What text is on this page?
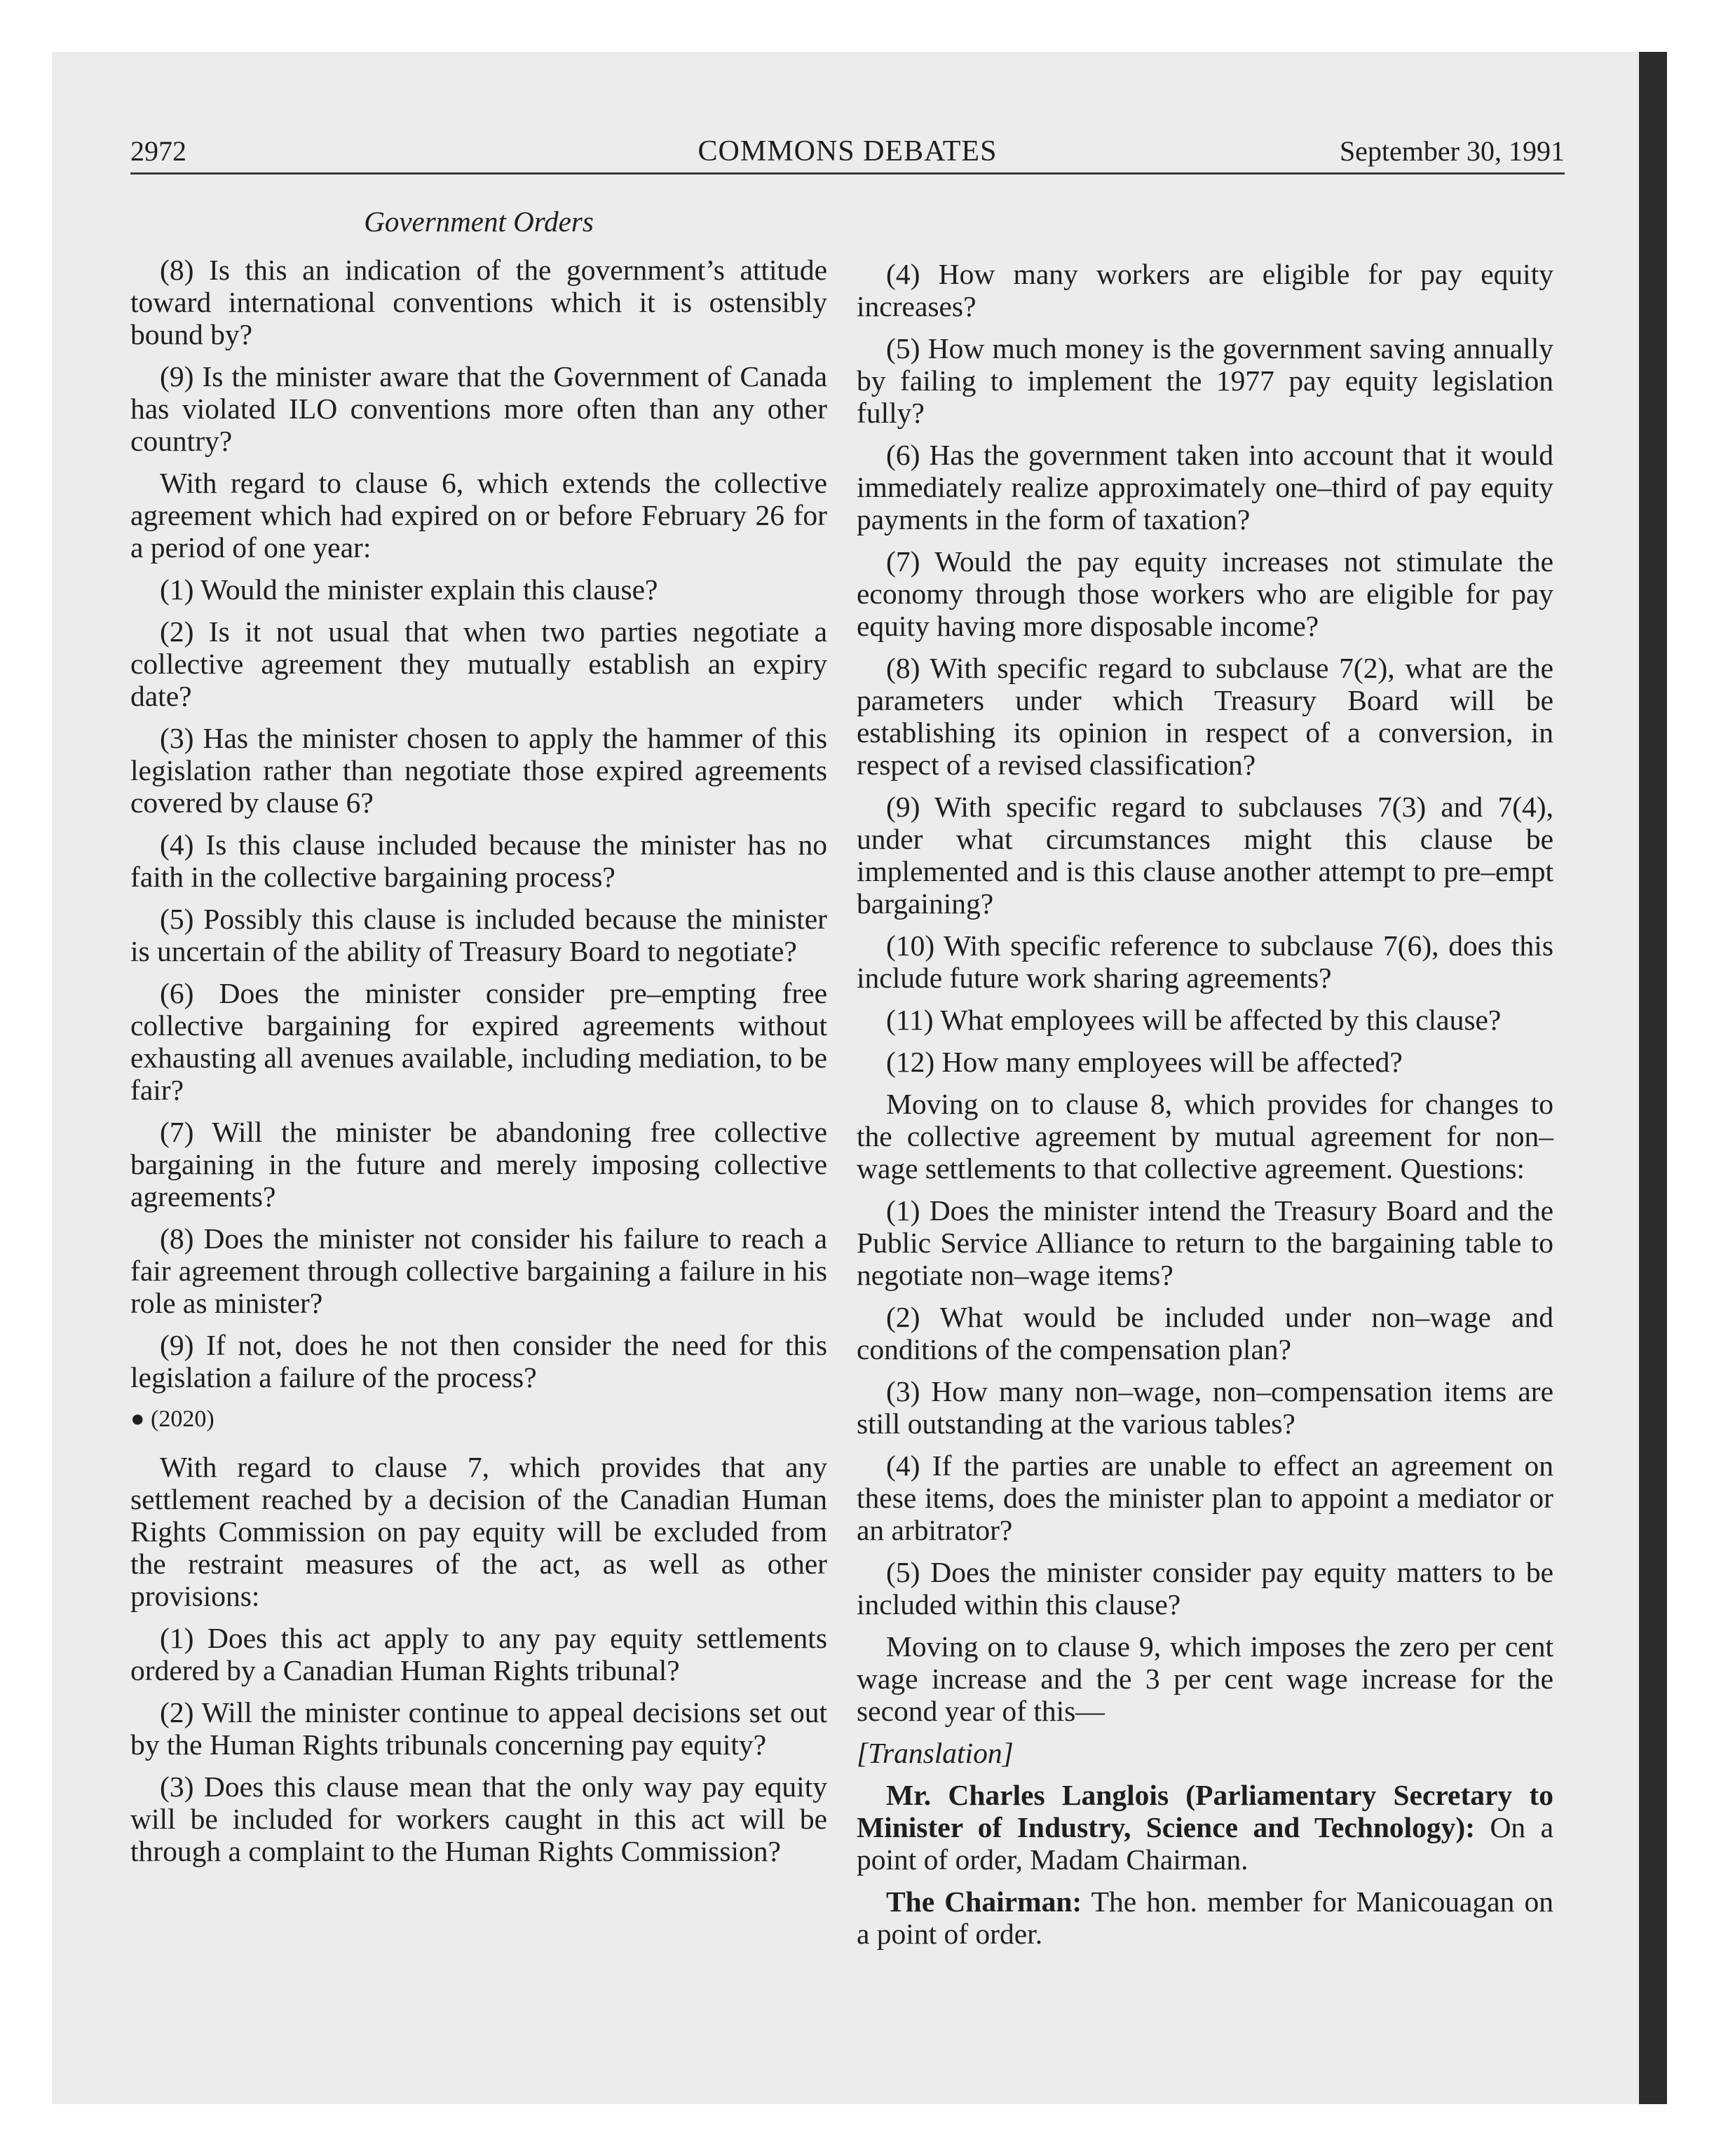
2972	COMMONS DEBATES	September 30, 1991
Government Orders

(8) Is this an indication of the government’s attitude toward international conventions which it is ostensibly bound by?

(9) Is the minister aware that the Government of Canada has violated ILO conventions more often than any other country?

With regard to clause 6, which extends the collective agreement which had expired on or before February 26 for a period of one year:

(1) Would the minister explain this clause?

(2) Is it not usual that when two parties negotiate a collective agreement they mutually establish an expiry date?

(3) Has the minister chosen to apply the hammer of this legislation rather than negotiate those expired agreements covered by clause 6?

(4) Is this clause included because the minister has no faith in the collective bargaining process?

(5) Possibly this clause is included because the minister is uncertain of the ability of Treasury Board to negotiate?

(6) Does the minister consider pre–empting free collective bargaining for expired agreements without exhausting all avenues available, including mediation, to be fair?

(7) Will the minister be abandoning free collective bargaining in the future and merely imposing collective agreements?

(8) Does the minister not consider his failure to reach a fair agreement through collective bargaining a failure in his role as minister?

(9) If not, does he not then consider the need for this legislation a failure of the process?

● (2020)

With regard to clause 7, which provides that any settlement reached by a decision of the Canadian Human Rights Commission on pay equity will be excluded from the restraint measures of the act, as well as other provisions:

(1) Does this act apply to any pay equity settlements ordered by a Canadian Human Rights tribunal?

(2) Will the minister continue to appeal decisions set out by the Human Rights tribunals concerning pay equity?

(3) Does this clause mean that the only way pay equity will be included for workers caught in this act will be through a complaint to the Human Rights Commission?

(4) How many workers are eligible for pay equity increases?

(5) How much money is the government saving annually by failing to implement the 1977 pay equity legislation fully?

(6) Has the government taken into account that it would immediately realize approximately one–third of pay equity payments in the form of taxation?

(7) Would the pay equity increases not stimulate the economy through those workers who are eligible for pay equity having more disposable income?

(8) With specific regard to subclause 7(2), what are the parameters under which Treasury Board will be establishing its opinion in respect of a conversion, in respect of a revised classification?

(9) With specific regard to subclauses 7(3) and 7(4), under what circumstances might this clause be implemented and is this clause another attempt to pre–empt bargaining?

(10) With specific reference to subclause 7(6), does this include future work sharing agreements?

(11) What employees will be affected by this clause?

(12) How many employees will be affected?

Moving on to clause 8, which provides for changes to the collective agreement by mutual agreement for non–wage settlements to that collective agreement. Questions:

(1) Does the minister intend the Treasury Board and the Public Service Alliance to return to the bargaining table to negotiate non–wage items?

(2) What would be included under non–wage and conditions of the compensation plan?

(3) How many non–wage, non–compensation items are still outstanding at the various tables?

(4) If the parties are unable to effect an agreement on these items, does the minister plan to appoint a mediator or an arbitrator?

(5) Does the minister consider pay equity matters to be included within this clause?

Moving on to clause 9, which imposes the zero per cent wage increase and the 3 per cent wage increase for the second year of this—

[Translation]

Mr. Charles Langlois (Parliamentary Secretary to Minister of Industry, Science and Technology): On a point of order, Madam Chairman.

The Chairman: The hon. member for Manicouagan on a point of order.
